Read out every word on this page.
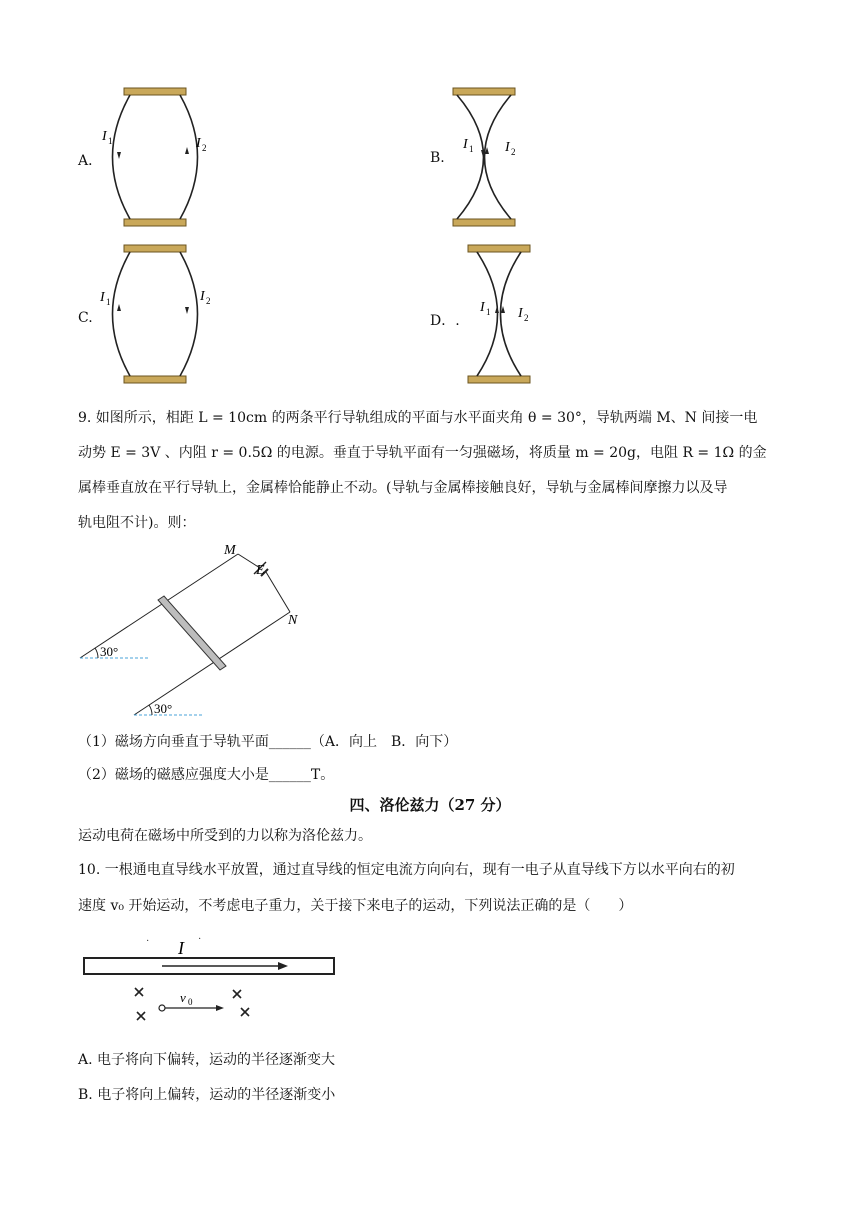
A．
I 1	I 2
B.
I 1 I 2
C.
I 1	I 2
D．.
I 1 I 2
9. 如图所示，相距 L = 10cm 的两条平行导轨组成的平面与水平面夹角 θ = 30°，导轨两端 M、N 间接一电
动势 E = 3V 、内阻 r = 0.5Ω 的电源。垂直于导轨平面有一匀强磁场，将质量 m = 20g，电阻 R = 1Ω 的金
属棒垂直放在平行导轨上，金属棒恰能静止不动。(导轨与金属棒接触良好，导轨与金属棒间摩擦力以及导
轨电阻不计)。则：
M
E
N
30°
30°
（1）磁场方向垂直于导轨平面______（A．向上　B．向下）
（2）磁场的磁感应强度大小是______T。
四、洛伦兹力（27 分）
运动电荷在磁场中所受到的力以称为洛伦兹力。
10. 一根通电直导线水平放置，通过直导线的恒定电流方向向右，现有一电子从直导线下方以水平向右的初
速度 v₀ 开始运动，不考虑电子重力，关于接下来电子的运动，下列说法正确的是（　　）
·	·
I
v 0
A. 电子将向下偏转，运动的半径逐渐变大
B. 电子将向上偏转，运动的半径逐渐变小
